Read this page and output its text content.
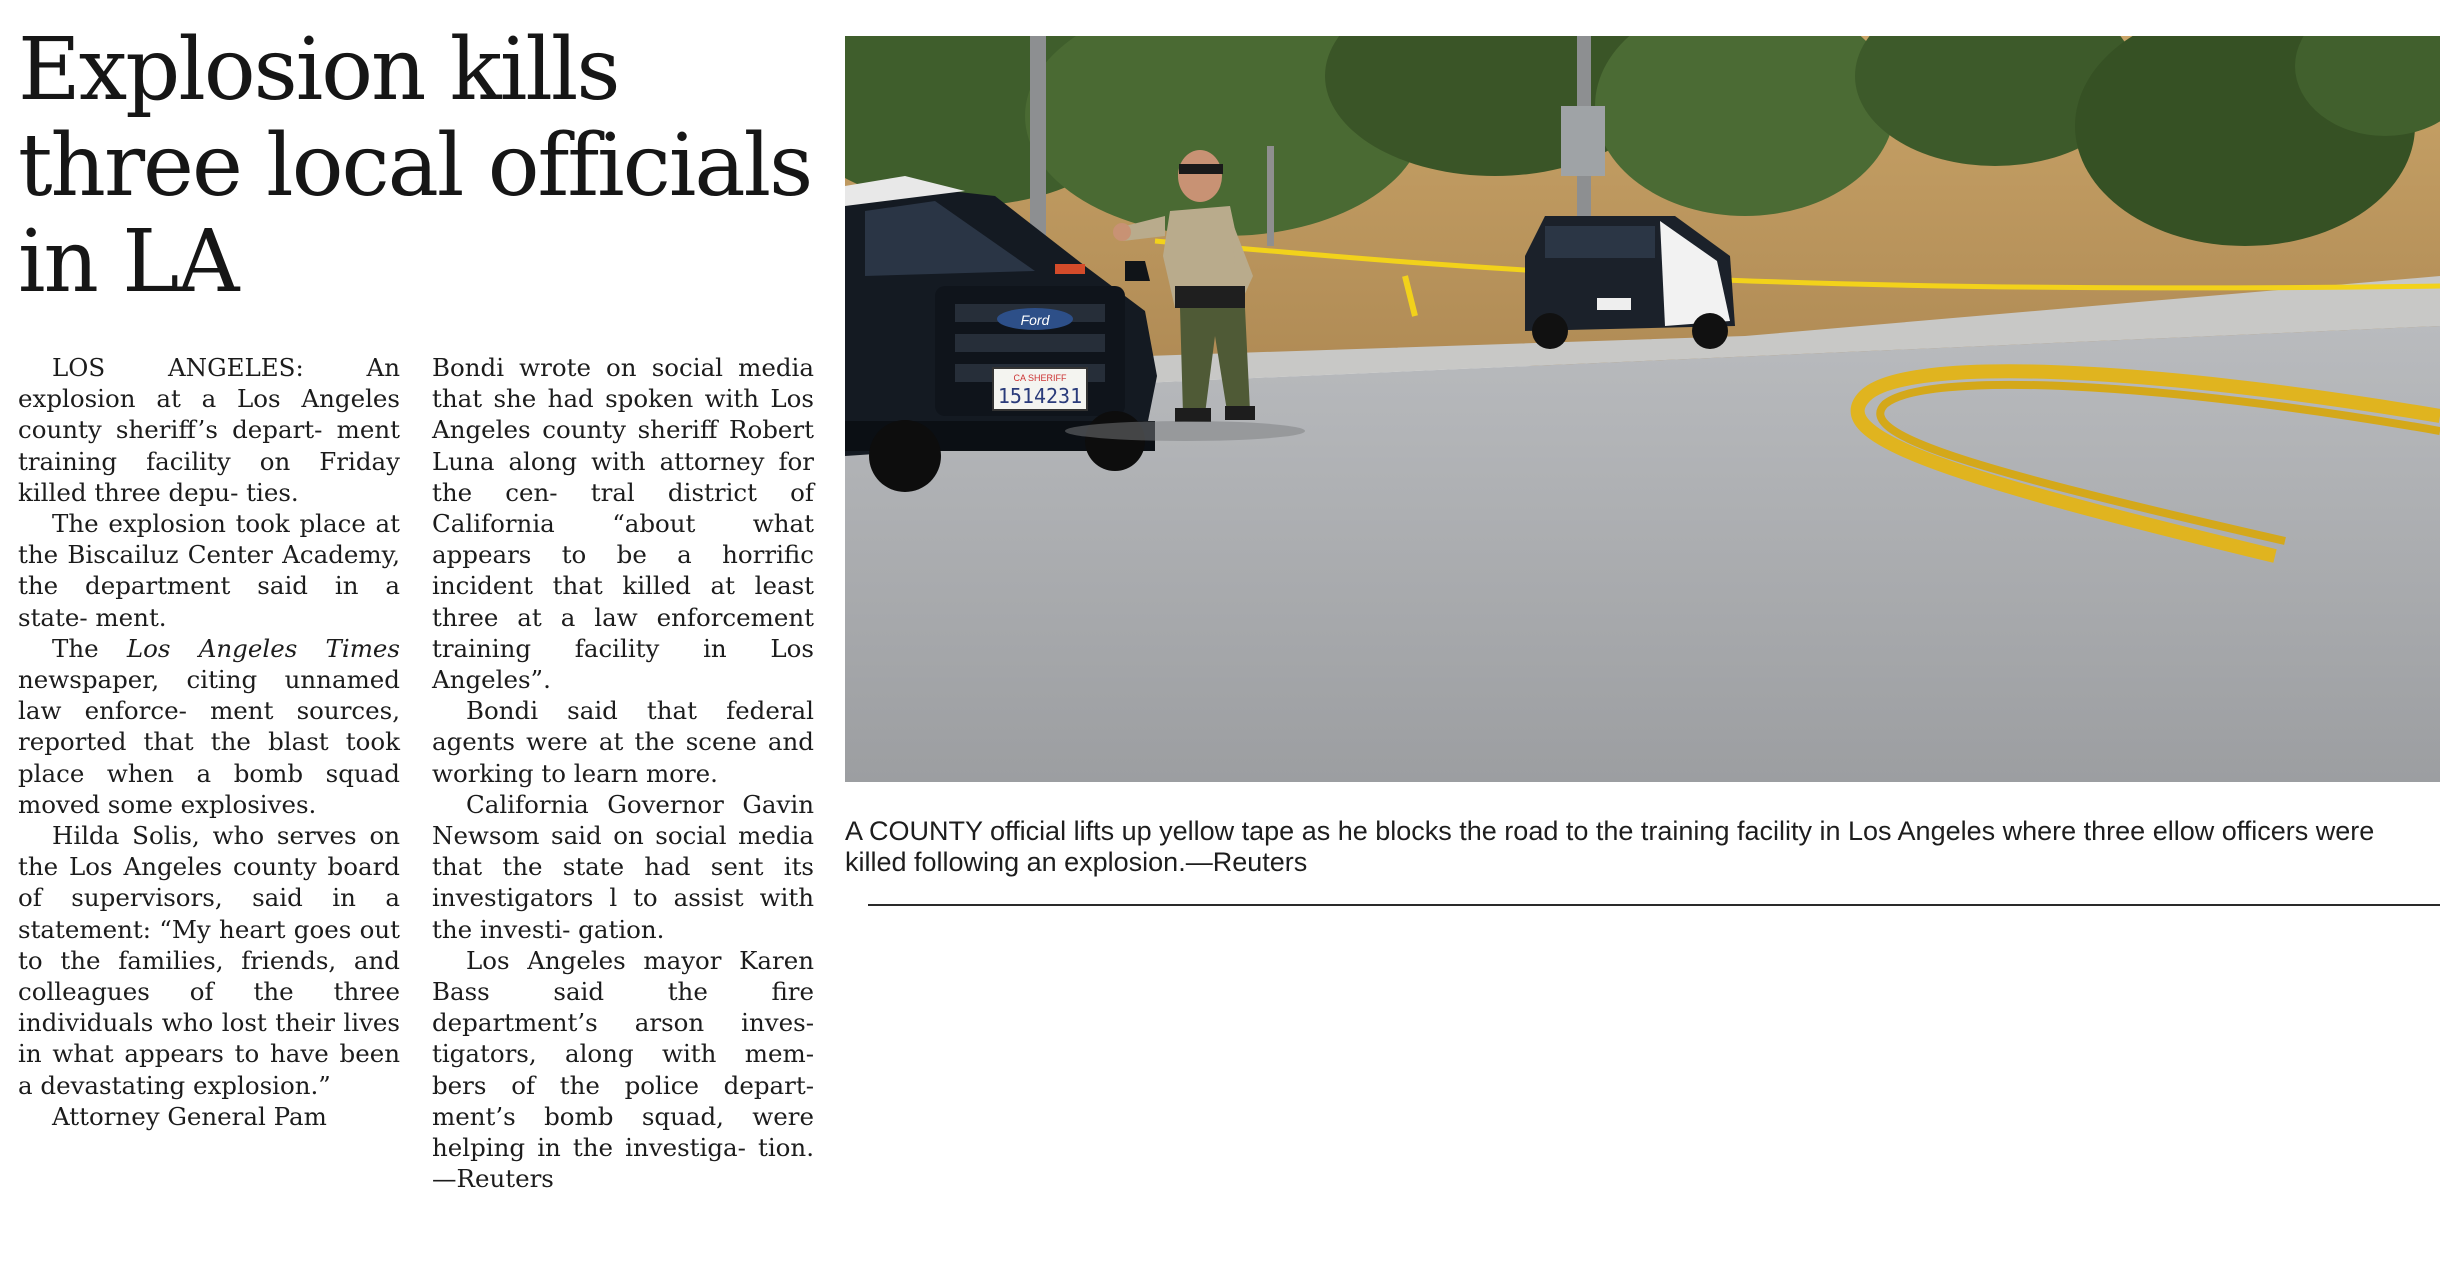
Explosion kills three local officials in LA

LOS ANGELES: An explosion at a Los Angeles county sheriff’s depart- ment training facility on Friday killed three depu- ties.

The explosion took place at the Biscailuz Center Academy, the department said in a state- ment.

The Los Angeles Times newspaper, citing unnamed law enforce- ment sources, reported that the blast took place when a bomb squad moved some explosives.

Hilda Solis, who serves on the Los Angeles county board of supervisors, said in a statement: “My heart goes out to the families, friends, and colleagues of the three individuals who lost their lives in what appears to have been a devastating explosion.”

Attorney General Pam

Bondi wrote on social media that she had spoken with Los Angeles county sheriff Robert Luna along with attorney for the cen- tral district of California “about what appears to be a horrific incident that killed at least three at a law enforcement training facility in Los Angeles”.

Bondi said that federal agents were at the scene and working to learn more.

California Governor Gavin Newsom said on social media that the state had sent its investigators l to assist with the investi- gation.

Los Angeles mayor Karen Bass said the fire department’s arson inves- tigators, along with mem- bers of the police depart- ment’s bomb squad, were helping in the investiga- tion.—Reuters

Ford
CA SHERIFF
1514231

A COUNTY official lifts up yellow tape as he blocks the road to the training facility in Los Angeles where three ellow officers were killed following an explosion.—Reuters
